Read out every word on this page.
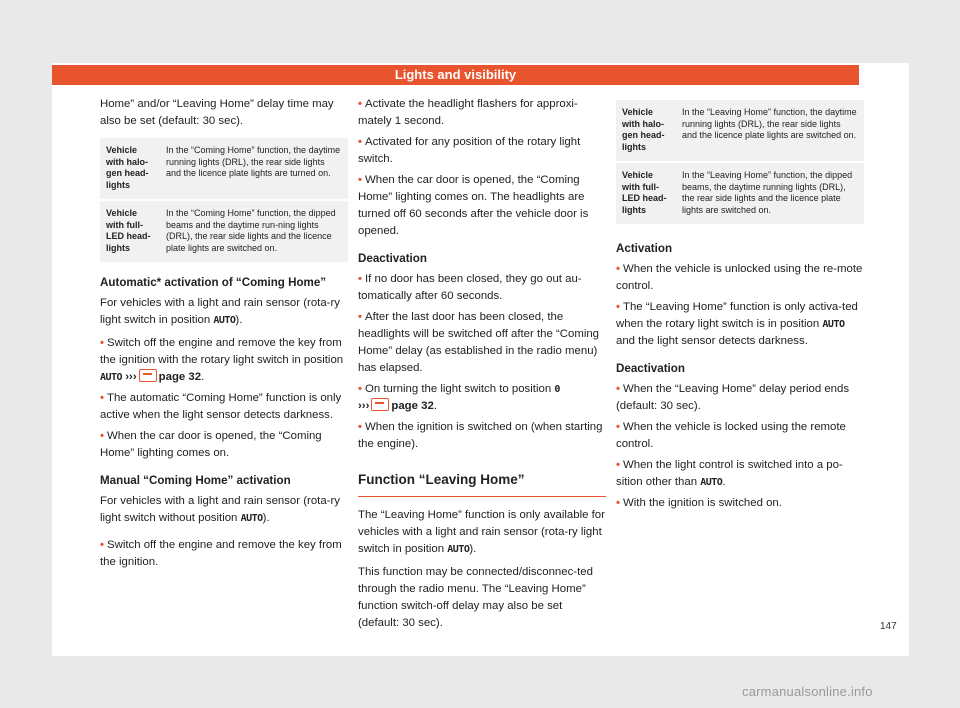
Lights and visibility

Home” and/or “Leaving Home” delay time may also be set (default: 30 sec).

Vehicle with halo-gen head-lights	In the “Coming Home” function, the daytime running lights (DRL), the rear side lights and the licence plate lights are turned on.
Vehicle with full-LED head-lights	In the “Coming Home” function, the dipped beams and the daytime run-ning lights (DRL), the rear side lights and the licence plate lights are switched on.
Automatic* activation of “Coming Home”

For vehicles with a light and rain sensor (rota-ry light switch in position AUTO).

• Switch off the engine and remove the key from the ignition with the rotary light switch in position AUTO ››› page 32.

• The automatic “Coming Home” function is only active when the light sensor detects darkness.

• When the car door is opened, the “Coming Home” lighting comes on.

Manual “Coming Home” activation

For vehicles with a light and rain sensor (rota-ry light switch without position AUTO).

• Switch off the engine and remove the key from the ignition.

• Activate the headlight flashers for approxi-mately 1 second.

• Activated for any position of the rotary light switch.

• When the car door is opened, the “Coming Home” lighting comes on. The headlights are turned off 60 seconds after the vehicle door is opened.

Deactivation

• If no door has been closed, they go out au-tomatically after 60 seconds.

• After the last door has been closed, the headlights will be switched off after the “Coming Home” delay (as established in the radio menu) has elapsed.

• On turning the light switch to position 0
››› page 32.

• When the ignition is switched on (when starting the engine).

Function “Leaving Home”

The “Leaving Home” function is only available for vehicles with a light and rain sensor (rota-ry light switch in position AUTO).

This function may be connected/disconnec-ted through the radio menu. The “Leaving Home” function switch-off delay may also be set (default: 30 sec).

Vehicle with halo-gen head-lights	In the “Leaving Home” function, the daytime running lights (DRL), the rear side lights and the licence plate lights are switched on.
Vehicle with full-LED head-lights	In the “Leaving Home” function, the dipped beams, the daytime running lights (DRL), the rear side lights and the licence plate lights are switched on.
Activation

• When the vehicle is unlocked using the re-mote control.

• The “Leaving Home” function is only activa-ted when the rotary light switch is in position AUTO and the light sensor detects darkness.

Deactivation

• When the “Leaving Home” delay period ends (default: 30 sec).

• When the vehicle is locked using the remote control.

• When the light control is switched into a po-sition other than AUTO.

• With the ignition is switched on.

147
carmanualsonline.info
